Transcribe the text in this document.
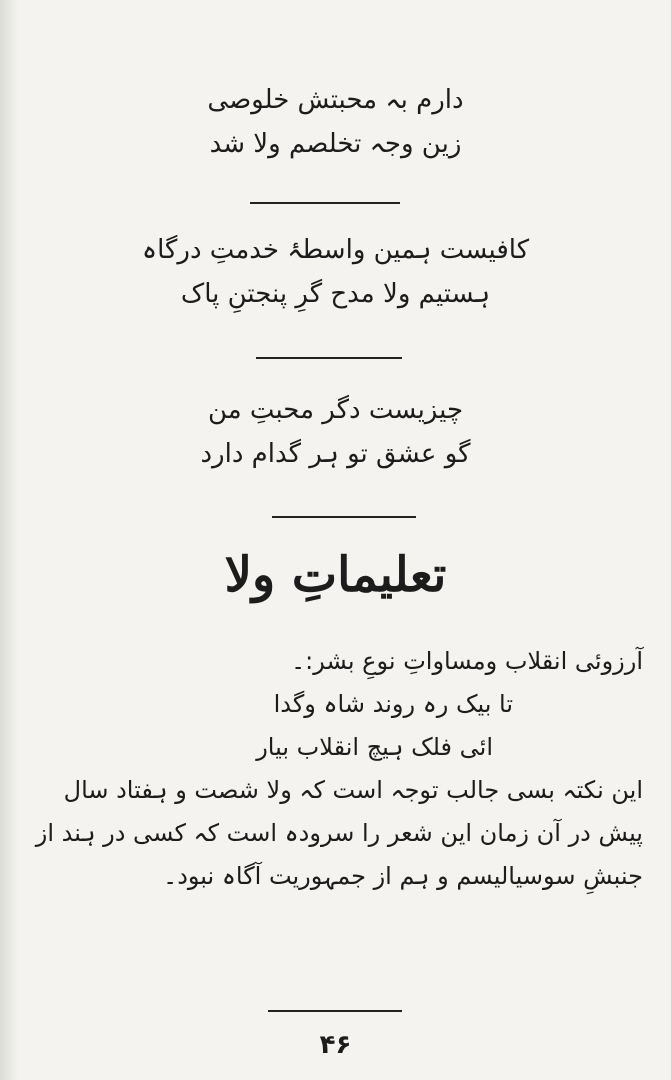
دارم بہ محبتش خلوصی
زین وجہ تخلصم ولا شد
کافیست ہمین واسطۂ خدمتِ درگاہ
ہستیم ولا مدح گرِ پنجتنِ پاک
چیزیست دگر محبتِ من
گو عشق تو ہر گدام دارد
تعلیماتِ ولا
آرزوئی انقلاب ومساواتِ نوعِ بشر:۔
تا بیک رہ روند شاہ وگدا
ائی فلک ہیچ انقلاب بیار
این نکتہ بسی جالب توجہ است کہ ولا شصت و ہفتاد سال
پیش در آن زمان این شعر را سرودہ است کہ کسی در ہند از
جنبشِ سوسیالیسم و ہم از جمہوریت آگاہ نبود۔
۴۶
